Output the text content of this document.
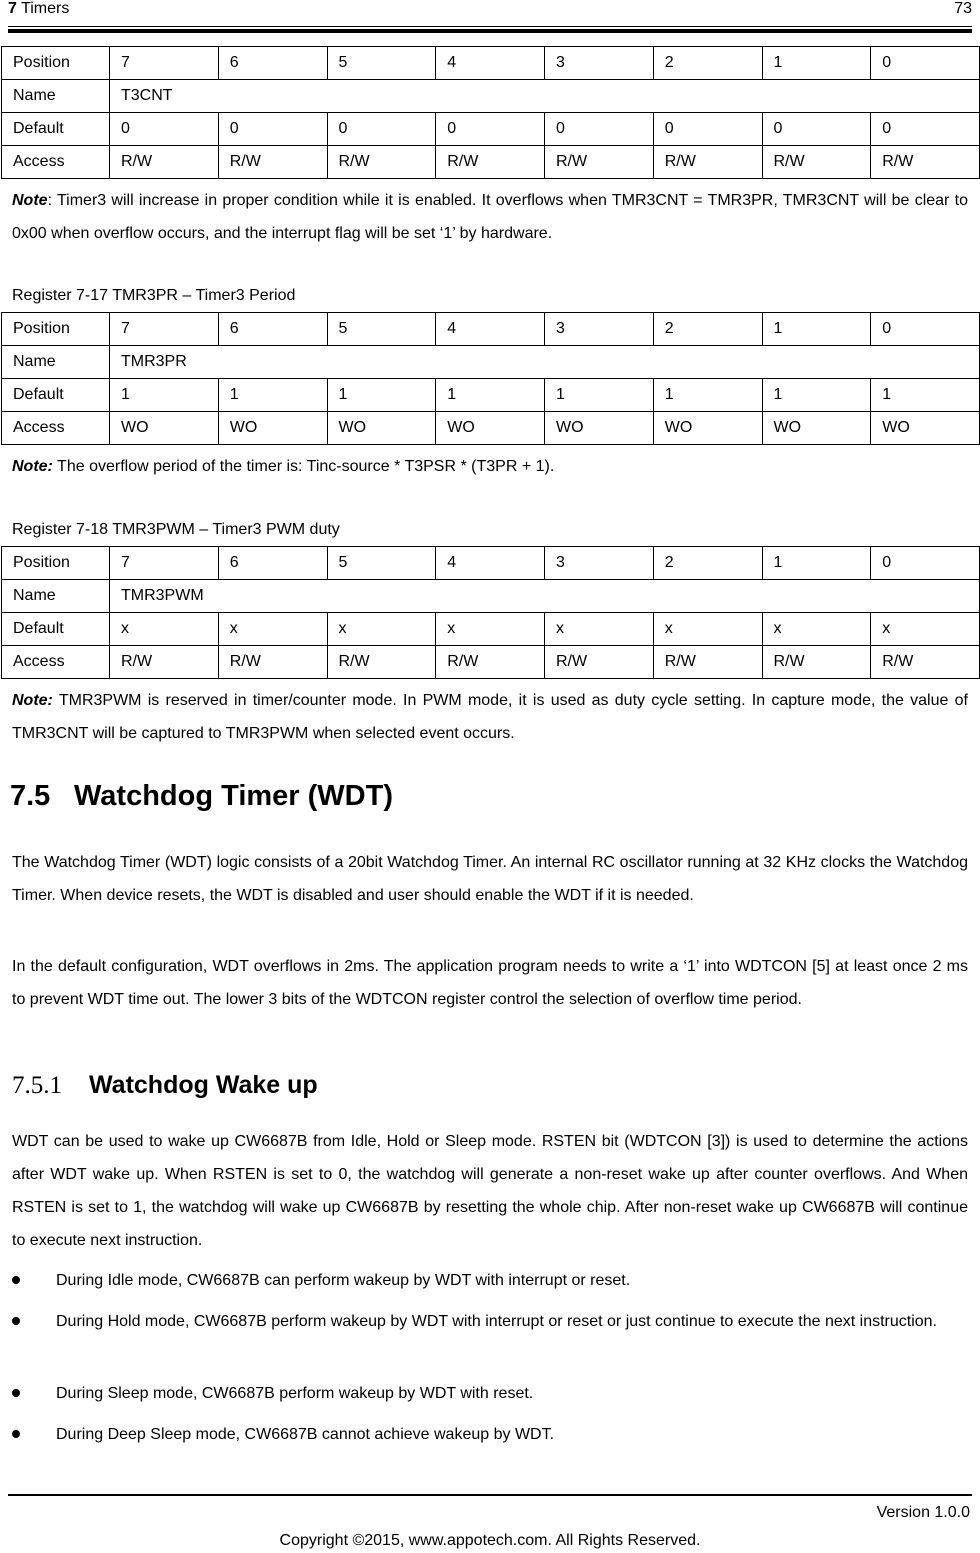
7 Timers	73
Position	7	6	5	4	3	2	1	0
Name	T3CNT							
Default	0	0	0	0	0	0	0	0
Access	R/W	R/W	R/W	R/W	R/W	R/W	R/W	R/W
Note: Timer3 will increase in proper condition while it is enabled. It overflows when TMR3CNT = TMR3PR, TMR3CNT will be clear to 0x00 when overflow occurs, and the interrupt flag will be set ‘1’ by hardware.
Register 7-17 TMR3PR – Timer3 Period
Position	7	6	5	4	3	2	1	0
Name	TMR3PR							
Default	1	1	1	1	1	1	1	1
Access	WO	WO	WO	WO	WO	WO	WO	WO
Note: The overflow period of the timer is: Tinc-source * T3PSR * (T3PR + 1).
Register 7-18 TMR3PWM – Timer3 PWM duty
Position	7	6	5	4	3	2	1	0
Name	TMR3PWM							
Default	x	x	x	x	x	x	x	x
Access	R/W	R/W	R/W	R/W	R/W	R/W	R/W	R/W
Note: TMR3PWM is reserved in timer/counter mode. In PWM mode, it is used as duty cycle setting. In capture mode, the value of TMR3CNT will be captured to TMR3PWM when selected event occurs.
7.5 Watchdog Timer (WDT)
The Watchdog Timer (WDT) logic consists of a 20bit Watchdog Timer. An internal RC oscillator running at 32 KHz clocks the Watchdog Timer. When device resets, the WDT is disabled and user should enable the WDT if it is needed.
In the default configuration, WDT overflows in 2ms. The application program needs to write a ‘1’ into WDTCON [5] at least once 2 ms to prevent WDT time out. The lower 3 bits of the WDTCON register control the selection of overflow time period.
7.5.1 Watchdog Wake up
WDT can be used to wake up CW6687B from Idle, Hold or Sleep mode. RSTEN bit (WDTCON [3]) is used to determine the actions after WDT wake up. When RSTEN is set to 0, the watchdog will generate a non-reset wake up after counter overflows. And When RSTEN is set to 1, the watchdog will wake up CW6687B by resetting the whole chip. After non-reset wake up CW6687B will continue to execute next instruction.
During Idle mode, CW6687B can perform wakeup by WDT with interrupt or reset.
During Hold mode, CW6687B perform wakeup by WDT with interrupt or reset or just continue to execute the next instruction.
During Sleep mode, CW6687B perform wakeup by WDT with reset.
During Deep Sleep mode, CW6687B cannot achieve wakeup by WDT.
Version 1.0.0
Copyright ©2015, www.appotech.com. All Rights Reserved.
